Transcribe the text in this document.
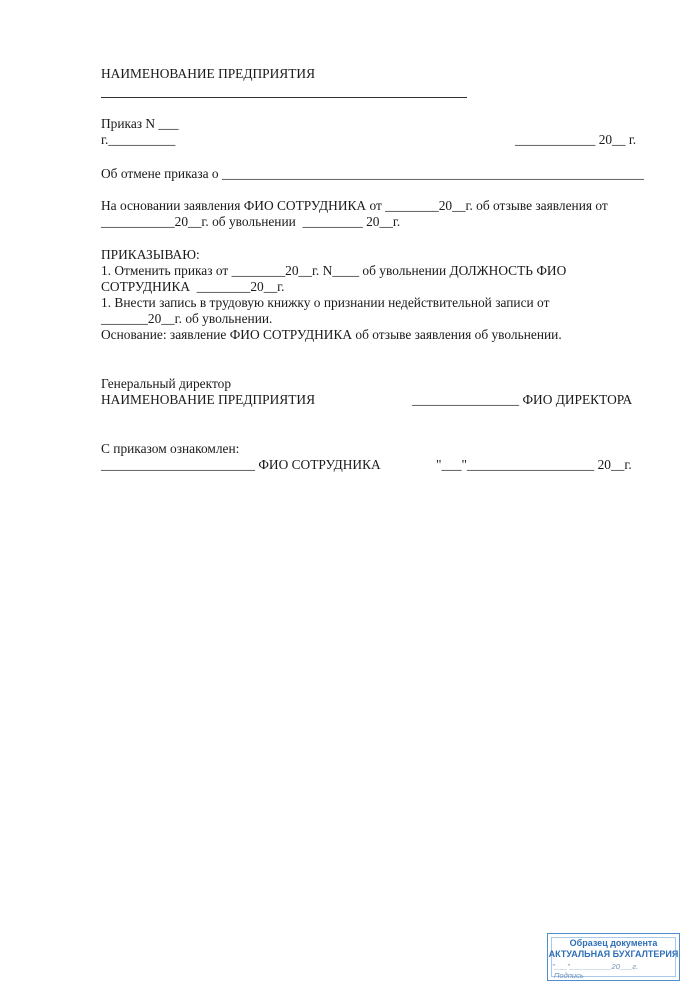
НАИМЕНОВАНИЕ ПРЕДПРИЯТИЯ
Приказ N ___
г.__________	____________ 20__ г.
Об отмене приказа о _______________________________________________________________
На основании заявления ФИО СОТРУДНИКА от ________20__г. об отзыве заявления от
___________20__г. об увольнении  _________ 20__г.
ПРИКАЗЫВАЮ:
1. Отменить приказ от ________20__г. N____ об увольнении ДОЛЖНОСТЬ ФИО
СОТРУДНИКА  ________20__г.
1. Внести запись в трудовую книжку о признании недействительной записи от
_______20__г. об увольнении.
Основание: заявление ФИО СОТРУДНИКА об отзыве заявления об увольнении.
Генеральный директор
НАИМЕНОВАНИЕ ПРЕДПРИЯТИЯ	________________ ФИО ДИРЕКТОРА
С приказом ознакомлен:
_______________________ ФИО СОТРУДНИКА	"___"___________________ 20__г.
Образец документа
АКТУАЛЬНАЯ БУХГАЛТЕРИЯ
"___"__________20___г.
Подпись
